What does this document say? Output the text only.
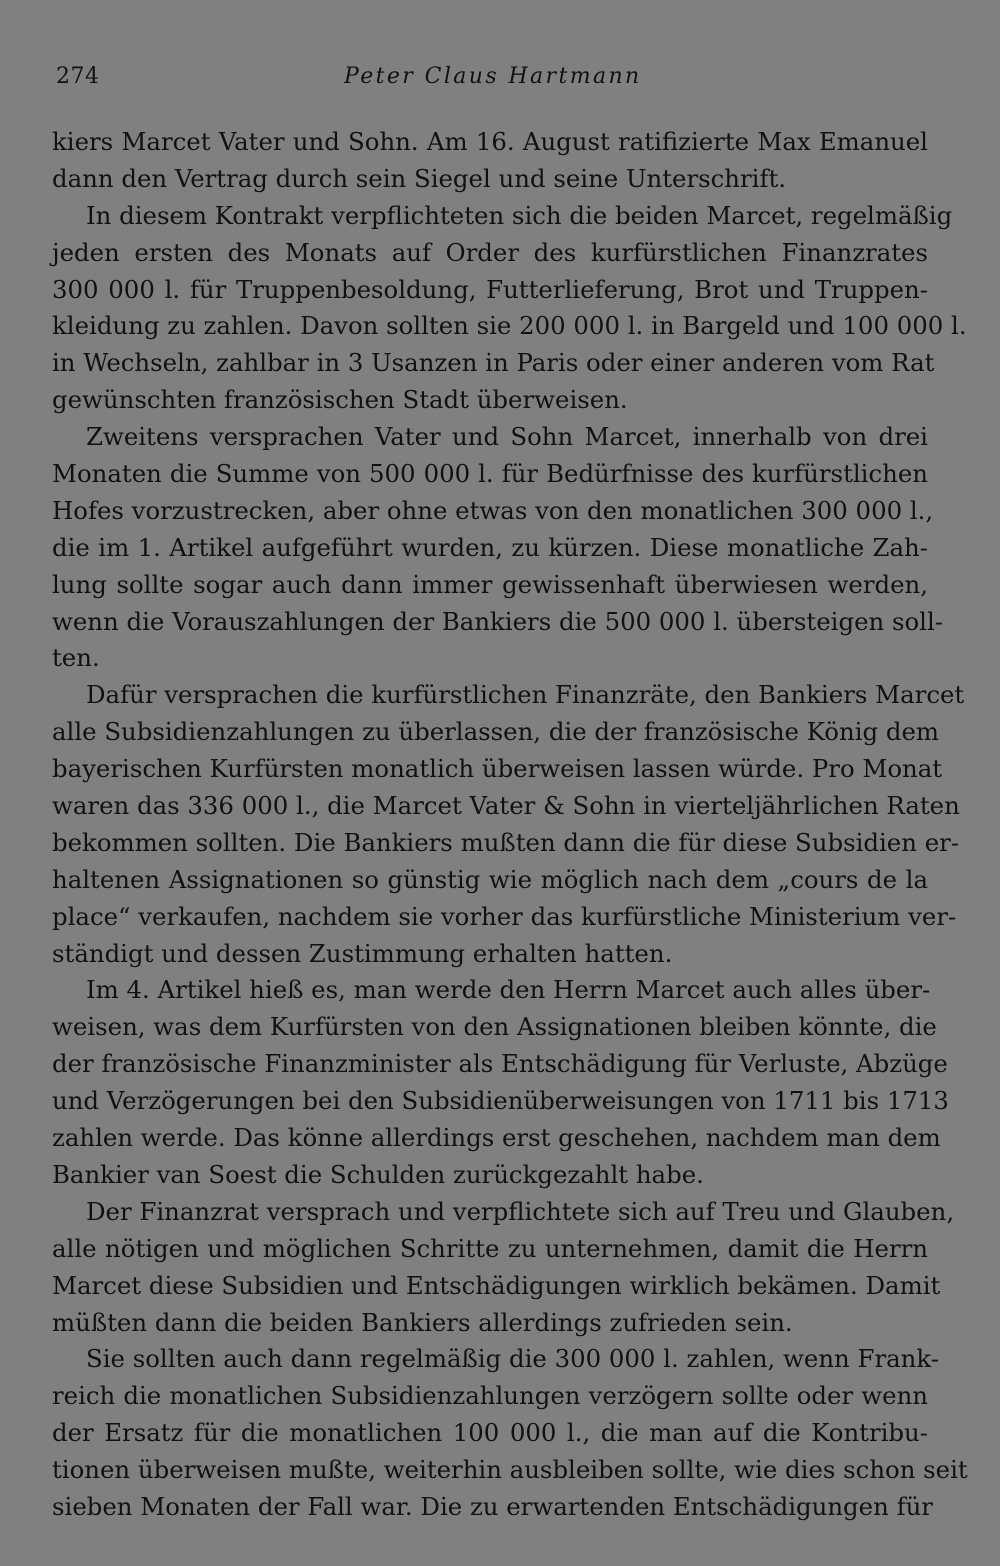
274	Peter Claus Hartmann
kiers Marcet Vater und Sohn. Am 16. August ratifizierte Max Emanuel
dann den Vertrag durch sein Siegel und seine Unterschrift.
In diesem Kontrakt verpflichteten sich die beiden Marcet, regelmäßig
jeden ersten des Monats auf Order des kurfürstlichen Finanzrates
300 000 l. für Truppenbesoldung, Futterlieferung, Brot und Truppen-
kleidung zu zahlen. Davon sollten sie 200 000 l. in Bargeld und 100 000 l.
in Wechseln, zahlbar in 3 Usanzen in Paris oder einer anderen vom Rat
gewünschten französischen Stadt überweisen.
Zweitens versprachen Vater und Sohn Marcet, innerhalb von drei
Monaten die Summe von 500 000 l. für Bedürfnisse des kurfürstlichen
Hofes vorzustrecken, aber ohne etwas von den monatlichen 300 000 l.,
die im 1. Artikel aufgeführt wurden, zu kürzen. Diese monatliche Zah-
lung sollte sogar auch dann immer gewissenhaft überwiesen werden,
wenn die Vorauszahlungen der Bankiers die 500 000 l. übersteigen soll-
ten.
Dafür versprachen die kurfürstlichen Finanzräte, den Bankiers Marcet
alle Subsidienzahlungen zu überlassen, die der französische König dem
bayerischen Kurfürsten monatlich überweisen lassen würde. Pro Monat
waren das 336 000 l., die Marcet Vater & Sohn in vierteljährlichen Raten
bekommen sollten. Die Bankiers mußten dann die für diese Subsidien er-
haltenen Assignationen so günstig wie möglich nach dem „cours de la
place“ verkaufen, nachdem sie vorher das kurfürstliche Ministerium ver-
ständigt und dessen Zustimmung erhalten hatten.
Im 4. Artikel hieß es, man werde den Herrn Marcet auch alles über-
weisen, was dem Kurfürsten von den Assignationen bleiben könnte, die
der französische Finanzminister als Entschädigung für Verluste, Abzüge
und Verzögerungen bei den Subsidienüberweisungen von 1711 bis 1713
zahlen werde. Das könne allerdings erst geschehen, nachdem man dem
Bankier van Soest die Schulden zurückgezahlt habe.
Der Finanzrat versprach und verpflichtete sich auf Treu und Glauben,
alle nötigen und möglichen Schritte zu unternehmen, damit die Herrn
Marcet diese Subsidien und Entschädigungen wirklich bekämen. Damit
müßten dann die beiden Bankiers allerdings zufrieden sein.
Sie sollten auch dann regelmäßig die 300 000 l. zahlen, wenn Frank-
reich die monatlichen Subsidienzahlungen verzögern sollte oder wenn
der Ersatz für die monatlichen 100 000 l., die man auf die Kontribu-
tionen überweisen mußte, weiterhin ausbleiben sollte, wie dies schon seit
sieben Monaten der Fall war. Die zu erwartenden Entschädigungen für
